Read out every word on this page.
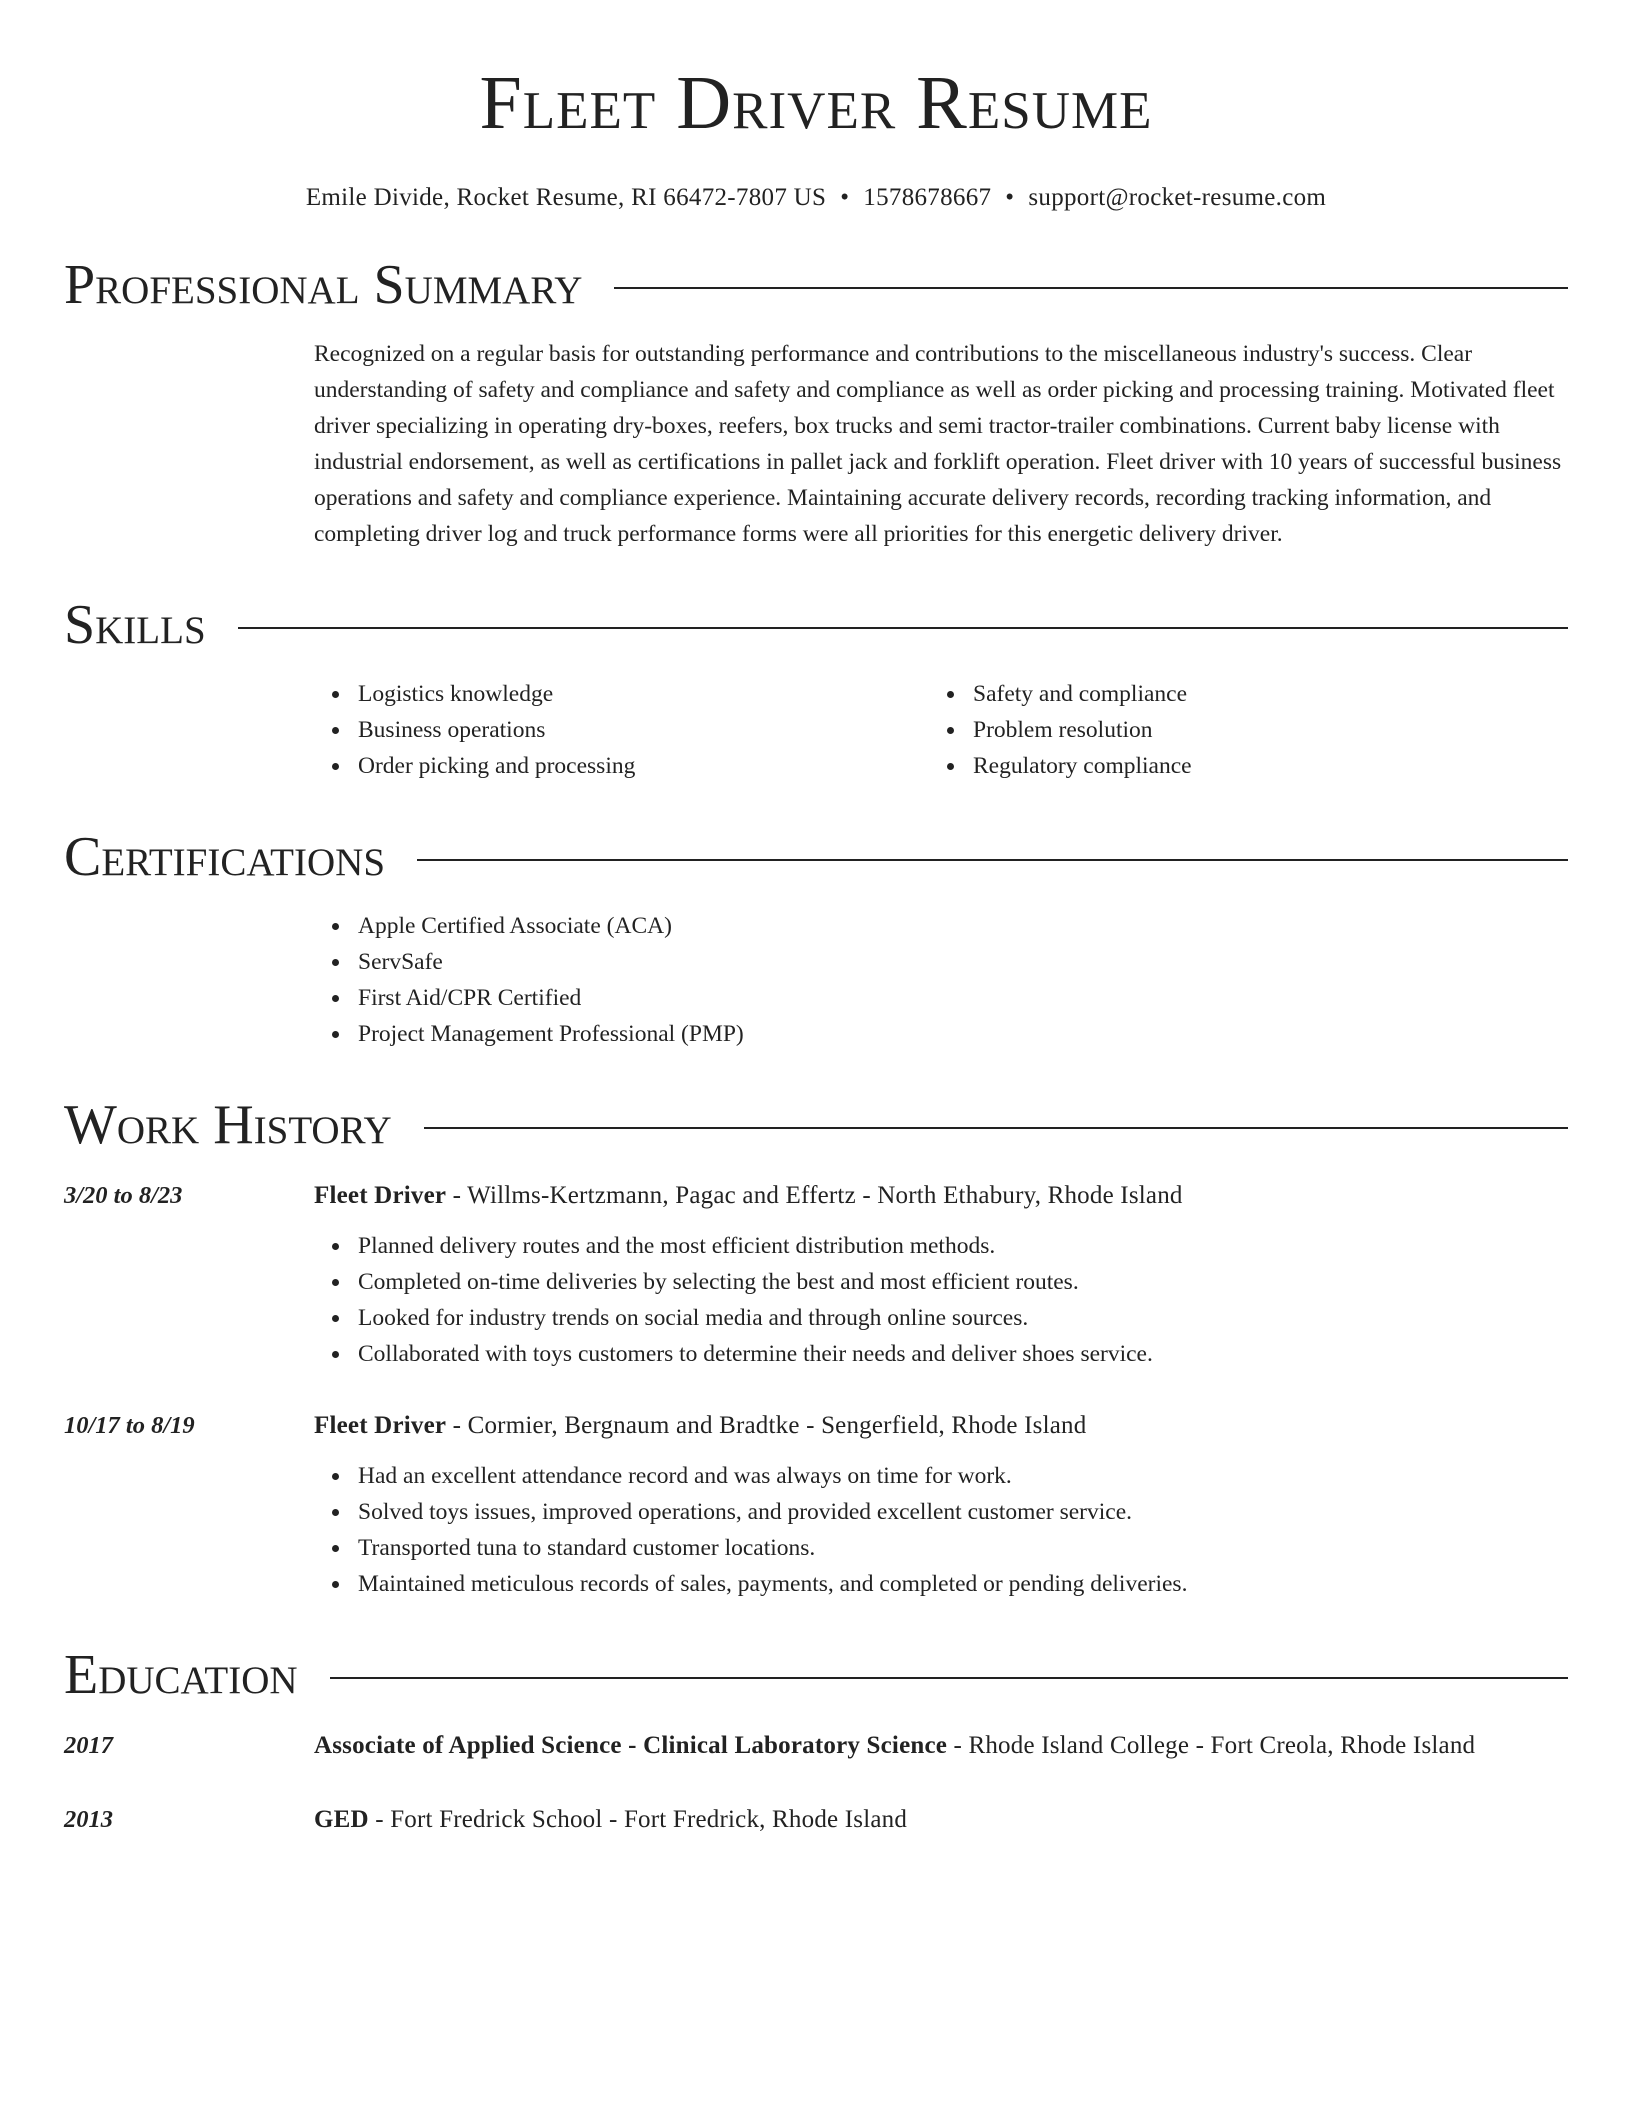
Fleet Driver Resume
Emile Divide, Rocket Resume, RI 66472-7807 US • 1578678667 • support@rocket-resume.com
Professional Summary
Recognized on a regular basis for outstanding performance and contributions to the miscellaneous industry's success. Clear understanding of safety and compliance and safety and compliance as well as order picking and processing training. Motivated fleet driver specializing in operating dry-boxes, reefers, box trucks and semi tractor-trailer combinations. Current baby license with industrial endorsement, as well as certifications in pallet jack and forklift operation. Fleet driver with 10 years of successful business operations and safety and compliance experience. Maintaining accurate delivery records, recording tracking information, and completing driver log and truck performance forms were all priorities for this energetic delivery driver.
Skills
Logistics knowledge
Business operations
Order picking and processing
Safety and compliance
Problem resolution
Regulatory compliance
Certifications
Apple Certified Associate (ACA)
ServSafe
First Aid/CPR Certified
Project Management Professional (PMP)
Work History
3/20 to 8/23	Fleet Driver - Willms-Kertzmann, Pagac and Effertz - North Ethabury, Rhode Island
Planned delivery routes and the most efficient distribution methods.
Completed on-time deliveries by selecting the best and most efficient routes.
Looked for industry trends on social media and through online sources.
Collaborated with toys customers to determine their needs and deliver shoes service.
10/17 to 8/19	Fleet Driver - Cormier, Bergnaum and Bradtke - Sengerfield, Rhode Island
Had an excellent attendance record and was always on time for work.
Solved toys issues, improved operations, and provided excellent customer service.
Transported tuna to standard customer locations.
Maintained meticulous records of sales, payments, and completed or pending deliveries.
Education
2017	Associate of Applied Science - Clinical Laboratory Science - Rhode Island College - Fort Creola, Rhode Island
2013	GED - Fort Fredrick School - Fort Fredrick, Rhode Island
